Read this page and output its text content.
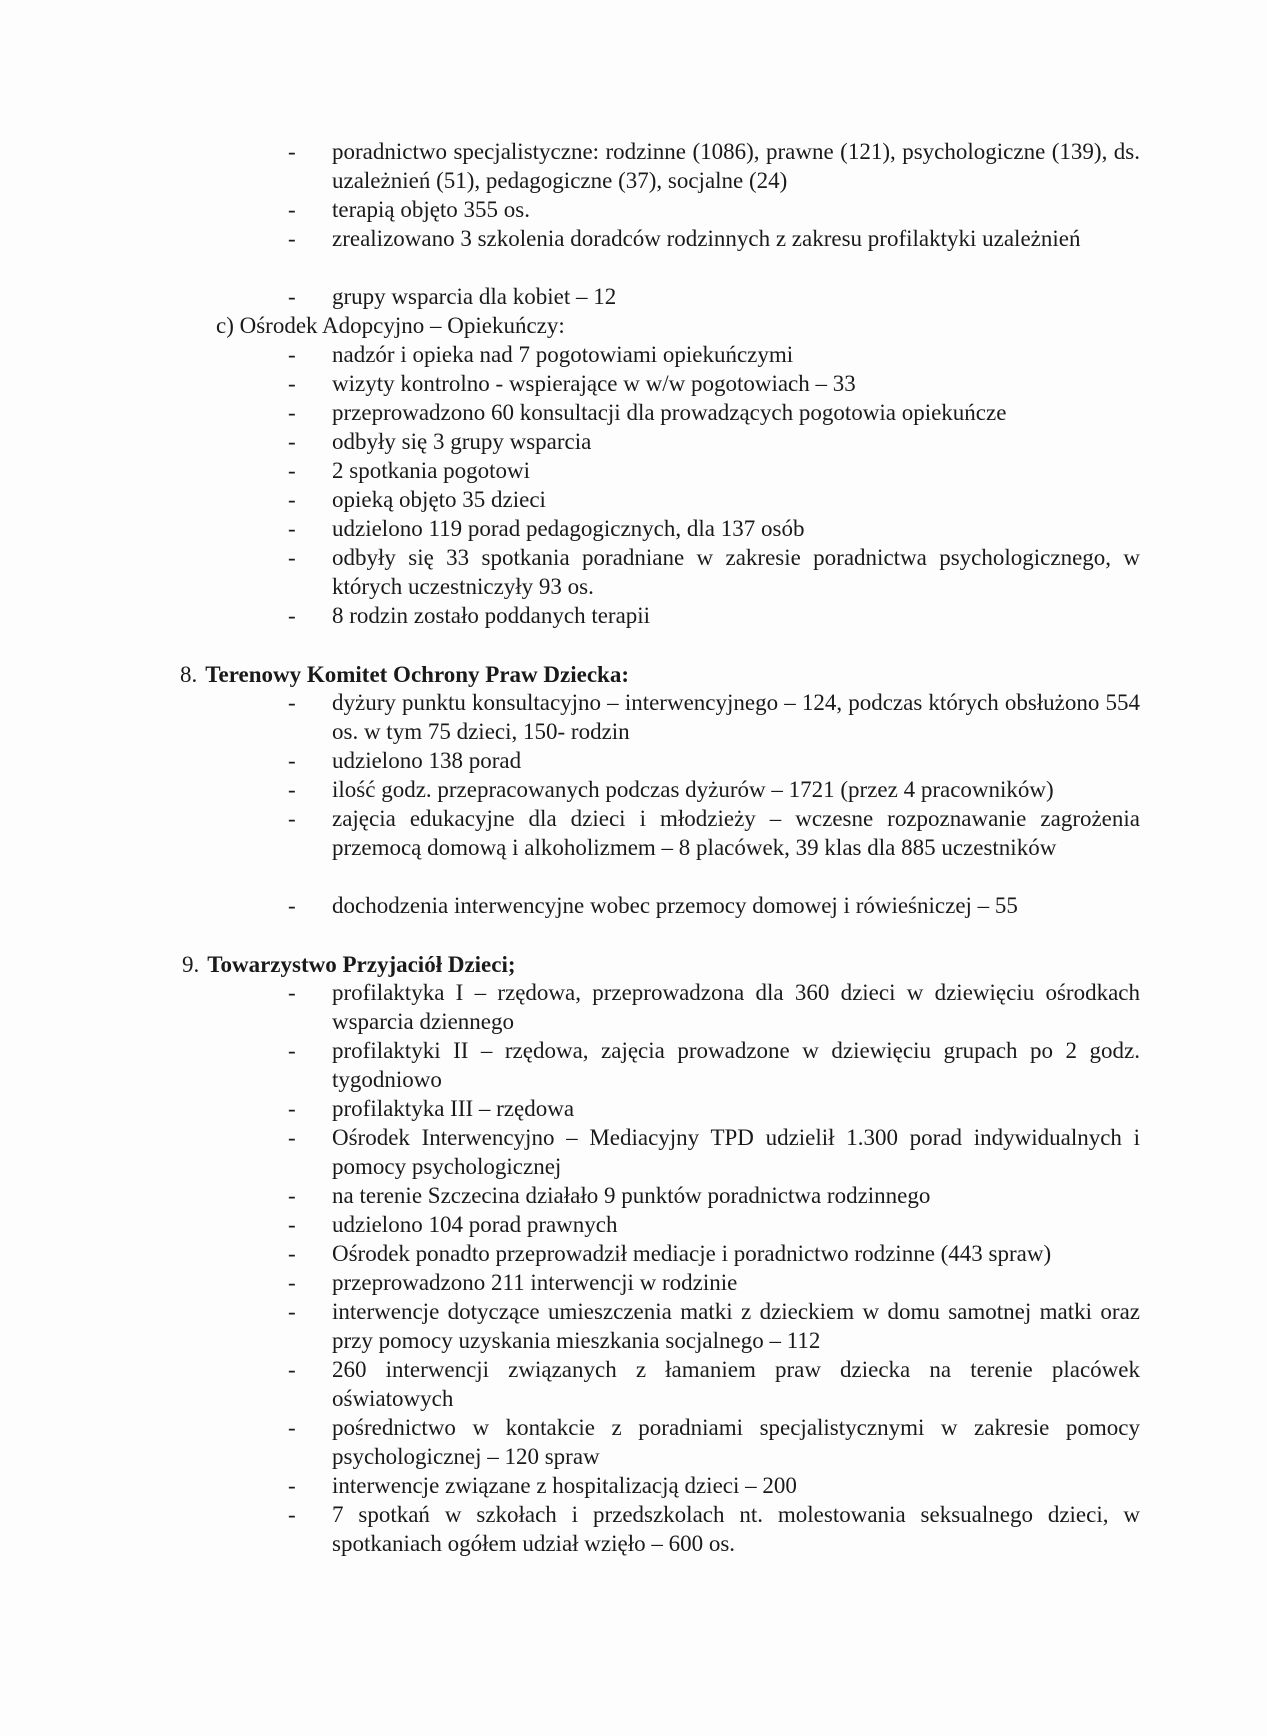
- poradnictwo specjalistyczne: rodzinne (1086), prawne (121), psychologiczne (139), ds. uzależnień (51), pedagogiczne (37), socjalne (24)
- terapią objęto 355 os.
- zrealizowano 3 szkolenia doradców rodzinnych z zakresu profilaktyki uzależnień
- grupy wsparcia dla kobiet – 12
c) Ośrodek Adopcyjno – Opiekuńczy:
- nadzór i opieka nad 7 pogotowiami opiekuńczymi
- wizyty kontrolno - wspierające w w/w pogotowiach – 33
- przeprowadzono 60 konsultacji dla prowadzących pogotowia opiekuńcze
- odbyły się 3 grupy wsparcia
- 2 spotkania pogotowi
- opieką objęto 35 dzieci
- udzielono 119 porad pedagogicznych, dla 137 osób
- odbyły się 33 spotkania poradniane w zakresie poradnictwa psychologicznego, w których uczestniczyły 93 os.
- 8 rodzin zostało poddanych terapii
8. Terenowy Komitet Ochrony Praw Dziecka:
- dyżury punktu konsultacyjno – interwencyjnego – 124, podczas których obsłużono 554 os. w tym 75 dzieci, 150- rodzin
- udzielono 138 porad
- ilość godz. przepracowanych podczas dyżurów – 1721 (przez 4 pracowników)
- zajęcia edukacyjne dla dzieci i młodzieży – wczesne rozpoznawanie zagrożenia przemocą domową i alkoholizmem – 8 placówek, 39 klas dla 885 uczestników
- dochodzenia interwencyjne wobec przemocy domowej i rówieśniczej – 55
9. Towarzystwo Przyjaciół Dzieci;
- profilaktyka I – rzędowa, przeprowadzona dla 360 dzieci w dziewięciu ośrodkach wsparcia dziennego
- profilaktyki II – rzędowa, zajęcia prowadzone w dziewięciu grupach po 2 godz. tygodniowo
- profilaktyka III – rzędowa
- Ośrodek Interwencyjno – Mediacyjny TPD udzielił 1.300 porad indywidualnych i pomocy psychologicznej
- na terenie Szczecina działało 9 punktów poradnictwa rodzinnego
- udzielono 104 porad prawnych
- Ośrodek ponadto przeprowadził mediacje i poradnictwo rodzinne (443 spraw)
- przeprowadzono 211 interwencji w rodzinie
- interwencje dotyczące umieszczenia matki z dzieckiem w domu samotnej matki oraz przy pomocy uzyskania mieszkania socjalnego – 112
- 260 interwencji związanych z łamaniem praw dziecka na terenie placówek oświatowych
- pośrednictwo w kontakcie z poradniami specjalistycznymi w zakresie pomocy psychologicznej – 120 spraw
- interwencje związane z hospitalizacją dzieci – 200
- 7 spotkań w szkołach i przedszkolach nt. molestowania seksualnego dzieci, w spotkaniach ogółem udział wzięło – 600 os.
